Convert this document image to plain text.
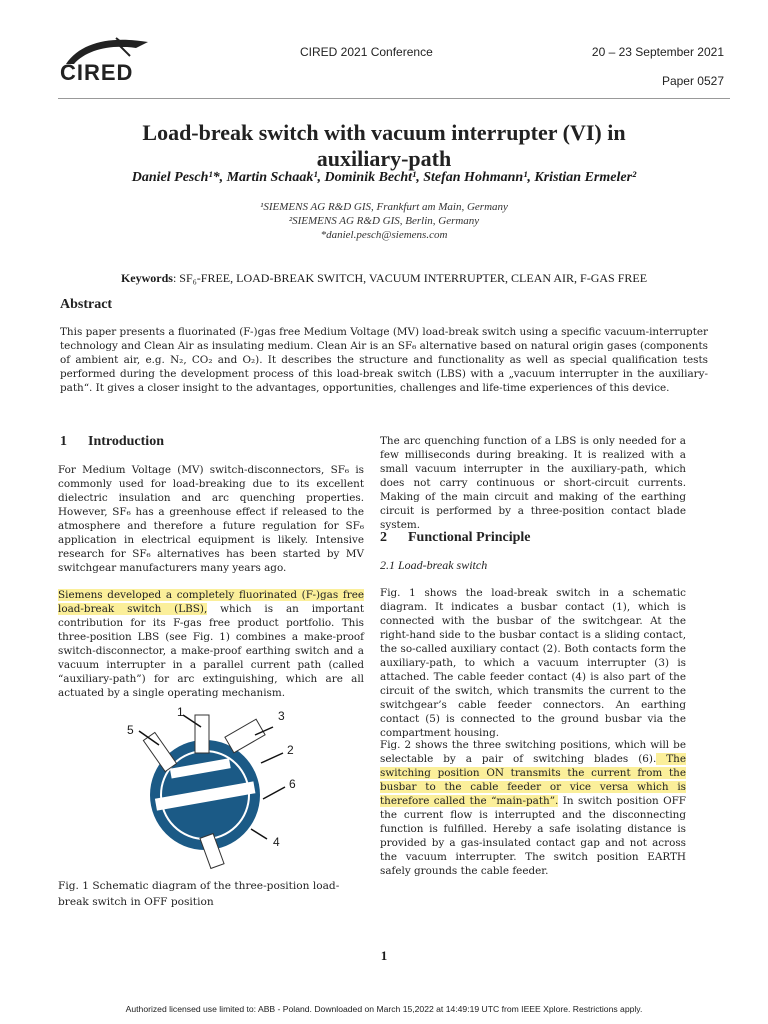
CIRED
CIRED 2021 Conference	20 – 23 September 2021
Paper 0527
Load-break switch with vacuum interrupter (VI) in
auxiliary-path
Daniel Pesch¹*, Martin Schaak¹, Dominik Becht¹, Stefan Hohmann¹, Kristian Ermeler²
¹SIEMENS AG R&D GIS, Frankfurt am Main, Germany
²SIEMENS AG R&D GIS, Berlin, Germany
*daniel.pesch@siemens.com
Keywords: SF₆-FREE, LOAD-BREAK SWITCH, VACUUM INTERRUPTER, CLEAN AIR, F-GAS FREE
Abstract
This paper presents a fluorinated (F-)gas free Medium Voltage (MV) load-break switch using a specific vacuum-interrupter technology and Clean Air as insulating medium. Clean Air is an SF₆ alternative based on natural origin gases (components of ambient air, e.g. N₂, CO₂ and O₂). It describes the structure and functionality as well as special qualification tests performed during the development process of this load-break switch (LBS) with a „vacuum interrupter in the auxiliary-path“. It gives a closer insight to the advantages, opportunities, challenges and life-time experiences of this device.
1      Introduction
For Medium Voltage (MV) switch-disconnectors, SF₆ is commonly used for load-breaking due to its excellent dielectric insulation and arc quenching properties. However, SF₆ has a greenhouse effect if released to the atmosphere and therefore a future regulation for SF₆ application in electrical equipment is likely. Intensive research for SF₆ alternatives has been started by MV switchgear manufacturers many years ago.
Siemens developed a completely fluorinated (F-)gas free load-break switch (LBS), which is an important contribution for its F-gas free product portfolio. This three-position LBS (see Fig. 1) combines a make-proof switch-disconnector, a make-proof earthing switch and a vacuum interrupter in a parallel current path (called “auxiliary-path”) for arc extinguishing, which are all actuated by a single operating mechanism.
1
5
3
2
6
4
Fig. 1 Schematic diagram of the three-position load-break switch in OFF position
The arc quenching function of a LBS is only needed for a few milliseconds during breaking. It is realized with a small vacuum interrupter in the auxiliary-path, which does not carry continuous or short-circuit currents. Making of the main circuit and making of the earthing circuit is performed by a three-position contact blade system.
2      Functional Principle
2.1 Load-break switch
Fig. 1 shows the load-break switch in a schematic diagram. It indicates a busbar contact (1), which is connected with the busbar of the switchgear. At the right-hand side to the busbar contact is a sliding contact, the so-called auxiliary contact (2). Both contacts form the auxiliary-path, to which a vacuum interrupter (3) is attached. The cable feeder contact (4) is also part of the circuit of the switch, which transmits the current to the switchgear’s cable feeder connectors. An earthing contact (5) is connected to the ground busbar via the compartment housing.
Fig. 2 shows the three switching positions, which will be selectable by a pair of switching blades (6). The switching position ON transmits the current from the busbar to the cable feeder or vice versa which is therefore called the “main-path”. In switch position OFF the current flow is interrupted and the disconnecting function is fulfilled. Hereby a safe isolating distance is provided by a gas-insulated contact gap and not across the vacuum interrupter. The switch position EARTH safely grounds the cable feeder.
1
Authorized licensed use limited to: ABB - Poland. Downloaded on March 15,2022 at 14:49:19 UTC from IEEE Xplore. Restrictions apply.
